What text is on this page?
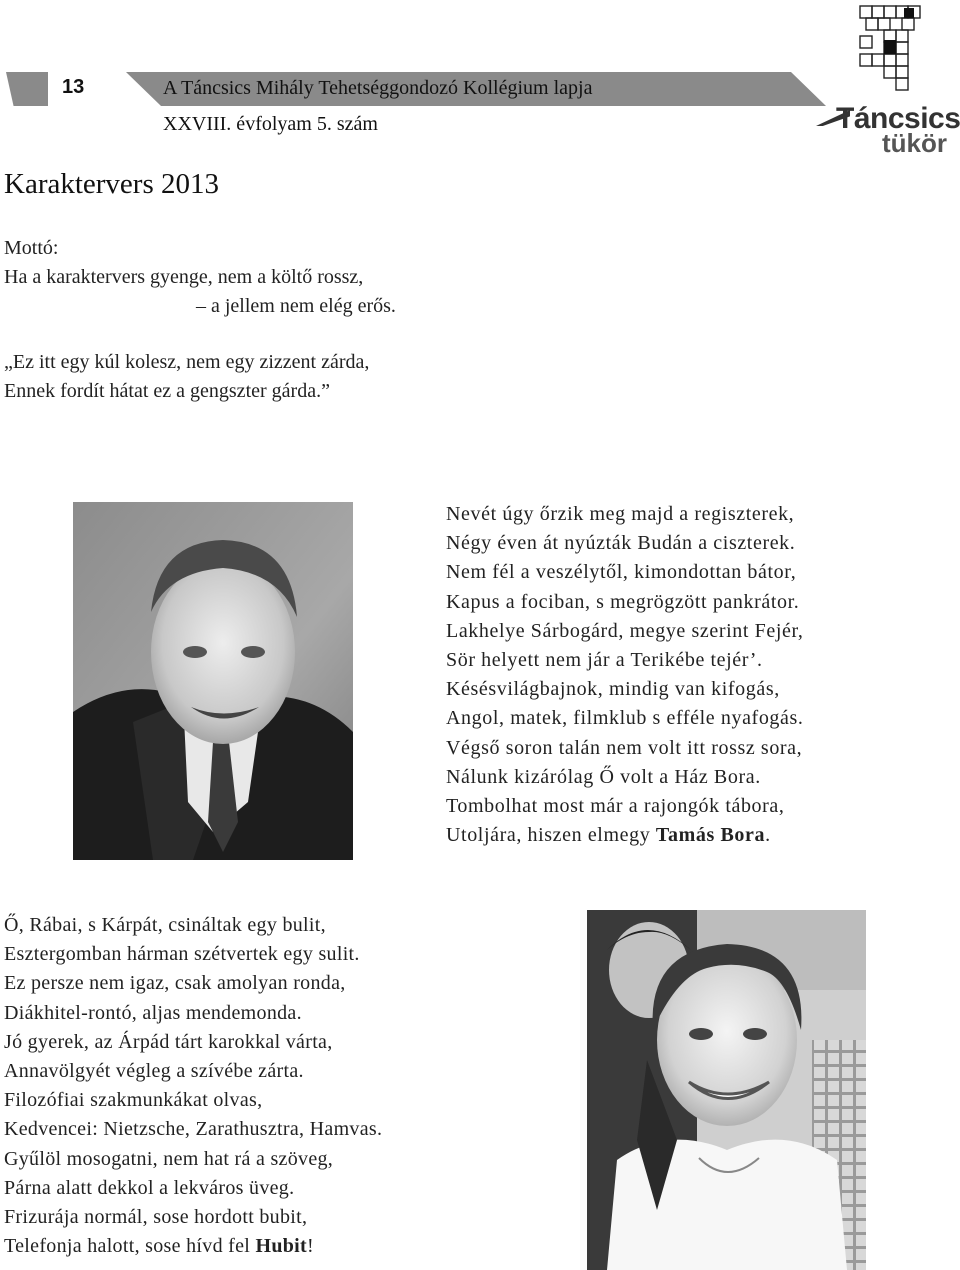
13	A Táncsics Mihály Tehetséggondozó Kollégium lapja
XXVIII. évfolyam 5. szám	Táncsics
tükör
Karaktervers 2013
Mottó:
Ha a karaktervers gyenge, nem a költő rossz,
– a jellem nem elég erős.
„Ez itt egy kúl kolesz, nem egy zizzent zárda,
Ennek fordít hátat ez a gengszter gárda.”
Nevét úgy őrzik meg majd a regiszterek,
Négy éven át nyúzták Budán a ciszterek.
Nem fél a veszélytől, kimondottan bátor,
Kapus a fociban, s megrögzött pankrátor.
Lakhelye Sárbogárd, megye szerint Fejér,
Sör helyett nem jár a Terikébe tejér’.
Késésvilágbajnok, mindig van kifogás,
Angol, matek, filmklub s efféle nyafogás.
Végső soron talán nem volt itt rossz sora,
Nálunk kizárólag Ő volt a Ház Bora.
Tombolhat most már a rajongók tábora,
Utoljára, hiszen elmegy Tamás Bora.
Ő, Rábai, s Kárpát, csináltak egy bulit,
Esztergomban hárman szétvertek egy sulit.
Ez persze nem igaz, csak amolyan ronda,
Diákhitel-rontó, aljas mendemonda.
Jó gyerek, az Árpád tárt karokkal várta,
Annavölgyét végleg a szívébe zárta.
Filozófiai szakmunkákat olvas,
Kedvencei: Nietzsche, Zarathusztra, Hamvas.
Gyűlöl mosogatni, nem hat rá a szöveg,
Párna alatt dekkol a lekváros üveg.
Frizurája normál, sose hordott bubit,
Telefonja halott, sose hívd fel Hubit!
